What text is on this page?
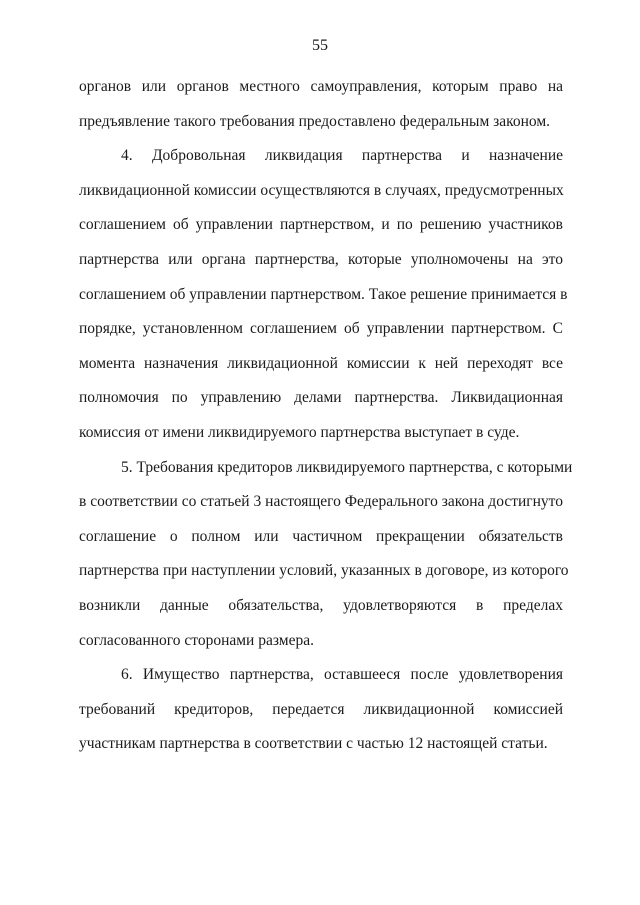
55
органов или органов местного самоуправления, которым право на
предъявление такого требования предоставлено федеральным законом.
4. Добровольная ликвидация партнерства и назначение
ликвидационной комиссии осуществляются в случаях, предусмотренных
соглашением об управлении партнерством, и по решению участников
партнерства или органа партнерства, которые уполномочены на это
соглашением об управлении партнерством. Такое решение принимается в
порядке, установленном соглашением об управлении партнерством. С
момента назначения ликвидационной комиссии к ней переходят все
полномочия по управлению делами партнерства. Ликвидационная
комиссия от имени ликвидируемого партнерства выступает в суде.
5. Требования кредиторов ликвидируемого партнерства, с которыми
в соответствии со статьей 3 настоящего Федерального закона достигнуто
соглашение о полном или частичном прекращении обязательств
партнерства при наступлении условий, указанных в договоре, из которого
возникли данные обязательства, удовлетворяются в пределах
согласованного сторонами размера.
6. Имущество партнерства, оставшееся после удовлетворения
требований кредиторов, передается ликвидационной комиссией
участникам партнерства в соответствии с частью 12 настоящей статьи.
